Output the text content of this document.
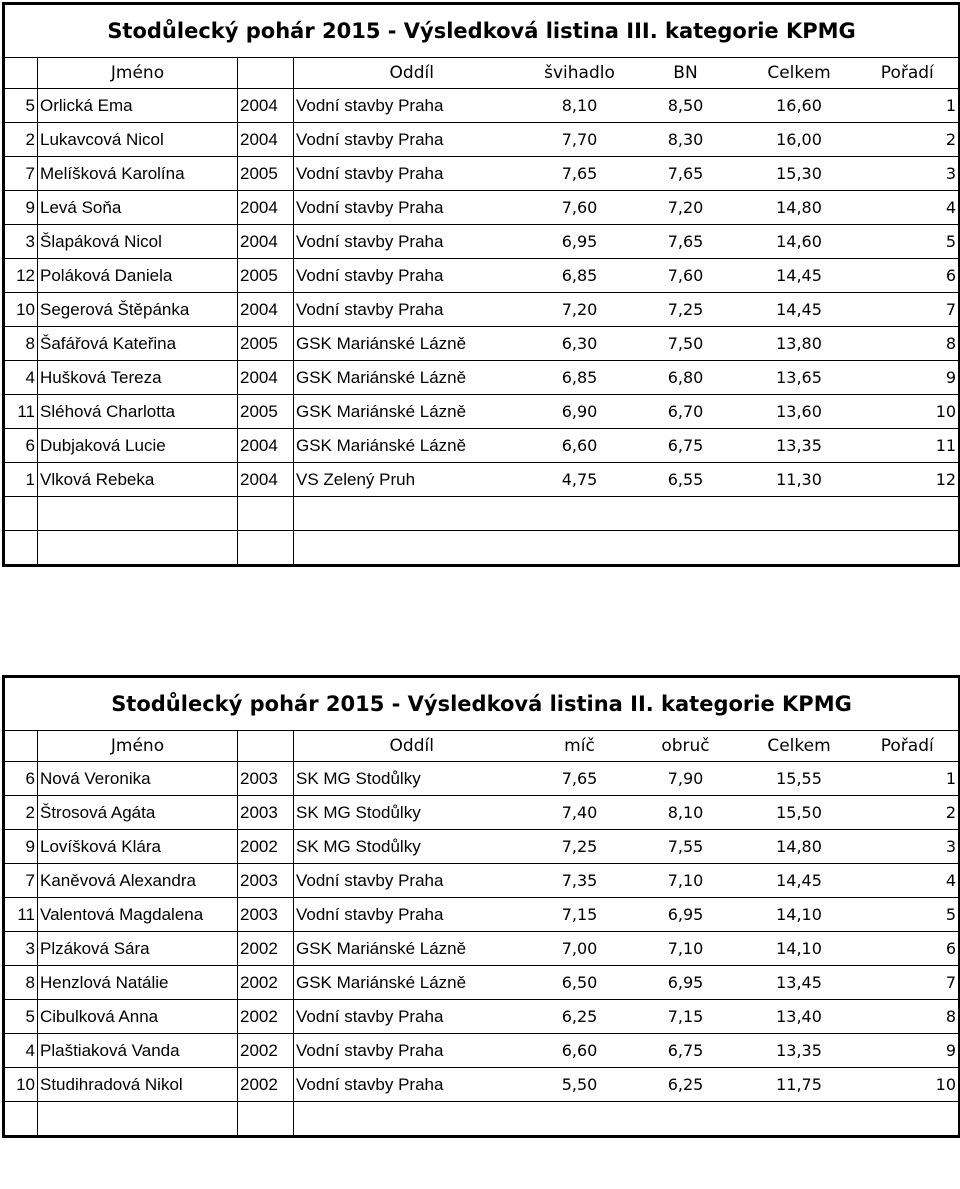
Stodůlecký pohár 2015 - Výsledková listina III. kategorie KPMG							
	Jméno		Oddíl	švihadlo	BN	Celkem	Pořadí
5	Orlická Ema	2004	Vodní stavby Praha	8,10	8,50	16,60	1
2	Lukavcová Nicol	2004	Vodní stavby Praha	7,70	8,30	16,00	2
7	Melíšková Karolína	2005	Vodní stavby Praha	7,65	7,65	15,30	3
9	Levá Soňa	2004	Vodní stavby Praha	7,60	7,20	14,80	4
3	Šlapáková Nicol	2004	Vodní stavby Praha	6,95	7,65	14,60	5
12	Poláková Daniela	2005	Vodní stavby Praha	6,85	7,60	14,45	6
10	Segerová Štěpánka	2004	Vodní stavby Praha	7,20	7,25	14,45	7
8	Šafářová Kateřina	2005	GSK Mariánské Lázně	6,30	7,50	13,80	8
4	Hušková Tereza	2004	GSK Mariánské Lázně	6,85	6,80	13,65	9
11	Sléhová Charlotta	2005	GSK Mariánské Lázně	6,90	6,70	13,60	10
6	Dubjaková Lucie	2004	GSK Mariánské Lázně	6,60	6,75	13,35	11
1	Vlková Rebeka	2004	VS Zelený Pruh	4,75	6,55	11,30	12

Stodůlecký pohár 2015 - Výsledková listina II. kategorie KPMG							
	Jméno		Oddíl	míč	obruč	Celkem	Pořadí
6	Nová Veronika	2003	SK MG Stodůlky	7,65	7,90	15,55	1
2	Štrosová Agáta	2003	SK MG Stodůlky	7,40	8,10	15,50	2
9	Lovíšková Klára	2002	SK MG Stodůlky	7,25	7,55	14,80	3
7	Kaněvová Alexandra	2003	Vodní stavby Praha	7,35	7,10	14,45	4
11	Valentová Magdalena	2003	Vodní stavby Praha	7,15	6,95	14,10	5
3	Plzáková Sára	2002	GSK Mariánské Lázně	7,00	7,10	14,10	6
8	Henzlová Natálie	2002	GSK Mariánské Lázně	6,50	6,95	13,45	7
5	Cibulková Anna	2002	Vodní stavby Praha	6,25	7,15	13,40	8
4	Plaštiaková Vanda	2002	Vodní stavby Praha	6,60	6,75	13,35	9
10	Studihradová Nikol	2002	Vodní stavby Praha	5,50	6,25	11,75	10
